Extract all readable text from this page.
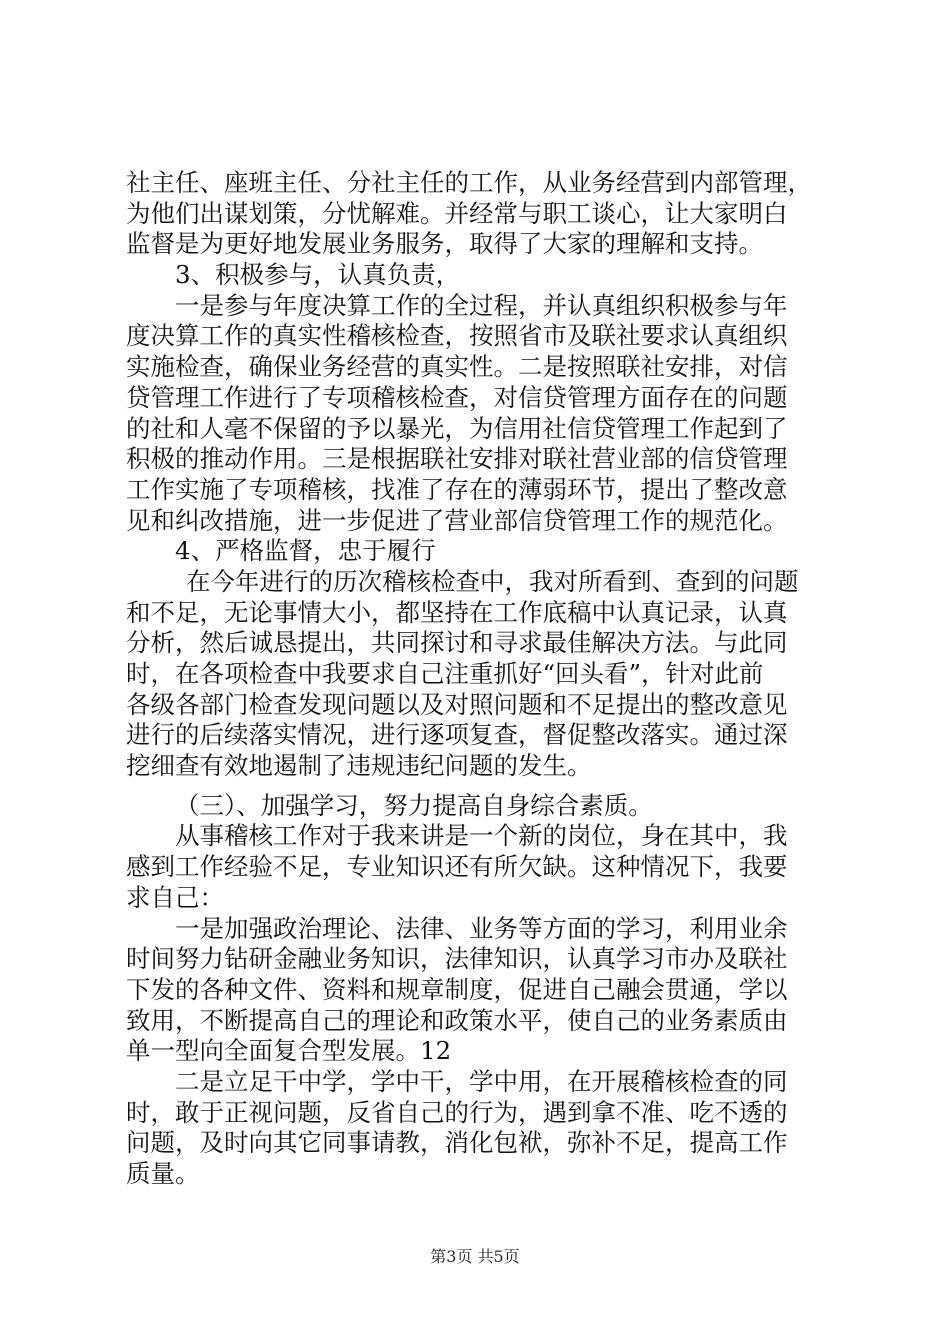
社主任、座班主任、分社主任的工作，从业务经营到内部管理，
为他们出谋划策，分忧解难。并经常与职工谈心，让大家明白
监督是为更好地发展业务服务，取得了大家的理解和支持。
3、积极参与，认真负责，
一是参与年度决算工作的全过程，并认真组织积极参与年
度决算工作的真实性稽核检查，按照省市及联社要求认真组织
实施检查，确保业务经营的真实性。二是按照联社安排，对信
贷管理工作进行了专项稽核检查，对信贷管理方面存在的问题
的社和人毫不保留的予以暴光，为信用社信贷管理工作起到了
积极的推动作用。三是根据联社安排对联社营业部的信贷管理
工作实施了专项稽核，找准了存在的薄弱环节，提出了整改意
见和纠改措施，进一步促进了营业部信贷管理工作的规范化。
4、严格监督，忠于履行
在今年进行的历次稽核检查中，我对所看到、查到的问题
和不足，无论事情大小，都坚持在工作底稿中认真记录，认真
分析，然后诚恳提出，共同探讨和寻求最佳解决方法。与此同
时，在各项检查中我要求自己注重抓好“回头看”，针对此前
各级各部门检查发现问题以及对照问题和不足提出的整改意见
进行的后续落实情况，进行逐项复查，督促整改落实。通过深
挖细查有效地遏制了违规违纪问题的发生。
（三）、加强学习，努力提高自身综合素质。
从事稽核工作对于我来讲是一个新的岗位，身在其中，我
感到工作经验不足，专业知识还有所欠缺。这种情况下，我要
求自己：
一是加强政治理论、法律、业务等方面的学习，利用业余
时间努力钻研金融业务知识，法律知识，认真学习市办及联社
下发的各种文件、资料和规章制度，促进自己融会贯通，学以
致用，不断提高自己的理论和政策水平，使自己的业务素质由
单一型向全面复合型发展。12
二是立足干中学，学中干，学中用，在开展稽核检查的同
时，敢于正视问题，反省自己的行为，遇到拿不准、吃不透的
问题，及时向其它同事请教，消化包袱，弥补不足，提高工作
质量。
第3页 共5页
